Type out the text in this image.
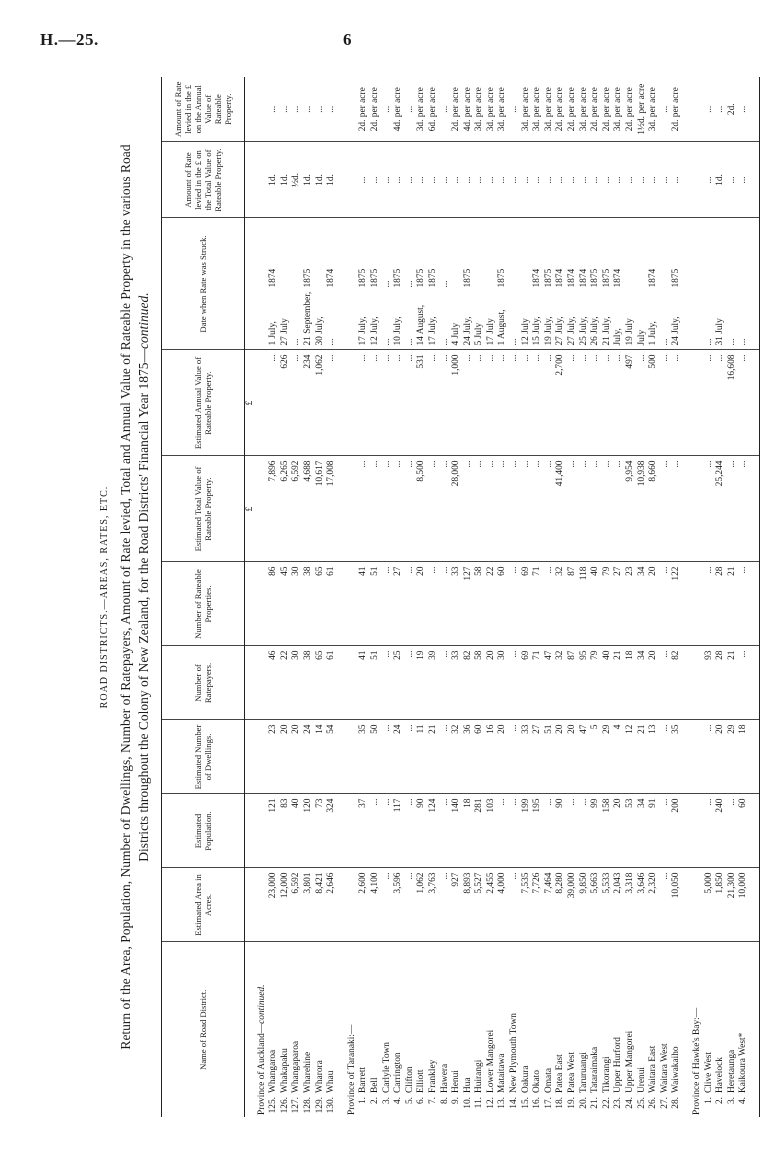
H.—25.	6
ROAD DISTRICTS.—AREAS, RATES, ETC. Return of the Area, Population, Number of Dwellings, Number of Ratepayers, Amount of Rate levied, Total and Annual Value of Rateable Property in the various Road Districts throughout the Colony of New Zealand, for the Road Districts' Financial Year 1875—continued.
Name of Road District.	Estimated Area in Acres.	Estimated Population.	Estimated Number of Dwellings.	Number of Ratepayers.	Number of Rateable Properties.	Estimated Total Value of Rateable Property.	Estimated Annual Value of Rateable Property.	Date when Rate was Struck.	Amount of Rate levied in the £ on the Total Value of Rateable Property.	Amount of Rate levied in the £ on the Annual Value of Rateable Property.
						£	£			
Province of Auckland—continued.										
125.Whangaroa	23,000	121	23	46	86	7,896	...	1 July,1874	1d.	...
126.Whakapaku	12,000	83	20	22	45	6,265	626	27 July	1d.	...
127.Whangaparoa	6,592	40	20	30	30	6,592	...	...	½d.	...
128.Wharehine	3,801	120	24	38	38	4,688	234	21 September,1875	1d.	...
129.Wharora	8,421	73	14	65	65	10,617	1,062	30 July,	1d.	...
130.Whau	2,646	324	54	61	61	17,008	...	...1874	1d.	...

Province of Taranaki:—										
1.Barrett	2,600	37	35	41	41	...	...	17 July,1875	...	2d. per acre
2.Bell	4,100	...	50	51	51	...	...	12 July,1875	...	2d. per acre
3.Carlyle Town	...	...	...	...	...	...	...	......	...	...
4.Carrington	3,596	117	24	25	27	...	...	10 July,1875	...	4d. per acre
5.Clifton	...	...	...	...	...	...	...	......	...	...
6.Elliott	1,062	90	11	19	20	8,500	531	14 August,1875	...	3d. per acre
7.Frankley	3,763	124	21	39	...	...	...	17 July,1875	...	6d. per acre
8.Hawera	...	...	...	...	...	...	...	......	...	...
9.Henui	927	140	32	33	33	28,000	1,000	4 July	...	2d. per acre
10.Hua	8,893	18	36	82	127	...	...	24 July,1875	...	4d. per acre
11.Huirangi	5,527	281	60	58	58	...	...	5 July	...	3d. per acre
12.Lower Mangorei	2,455	103	16	20	22	...	...	17 July	...	3d. per acre
13.Mataitawa	4,000	...	20	30	60	...	...	1 August,1875	...	3d. per acre
14.New Plymouth Town	...	...	...	...	...	...	...	...	...	...
15.Oakura	7,535	199	33	69	69	...	...	12 July	...	3d. per acre
16.Okato	7,726	195	27	71	71	...	...	15 July,1874	...	3d. per acre
17.Omata	7,464	...	51	47	...	...	...	19 July,1875	...	3d. per acre
18.Patea East	8,280	90	20	32	32	41,400	2,700	27 July,1874	...	2d. per acre
19.Patea West	39,000	...	20	87	87	...	...	27 July,1874	...	2d. per acre
20.Taruruangi	9,850	...	47	95	118	...	...	25 July,1874	...	3d. per acre
21.Tataraimaka	5,663	99	5	79	40	...	...	26 July,1875	...	2d. per acre
22.Tikorangi	5,533	158	29	40	79	...	...	21 July,1875	...	2d. per acre
23.Upper Hurford	2,043	20	4	21	27	...	...	July,1874	...	3d. per acre
24.Upper Mangorei	3,318	53	12	18	23	9,954	497	19 July	...	2d. per acre
25.Urenui	3,646	34	21	34	34	10,938	...	July	...	1½d. per acre
26.Waitara East	2,320	91	13	20	20	8,660	500	1 July,1874	...	3d. per acre
27.Waitara West	...	...	...	...	...	...	...	...	...	...
28.Waiwakaiho	10,050	200	35	82	122	...	...	24 July,1875	...	2d. per acre

Province of Hawke's Bay:—										
1.Clive West	5,000	...	...	93	...	...	...	...	...	...
2.Havelock	1,850	240	20	28	28	25,244	...	31 July	1d.	...
3.Heretaunga	21,300	...	29	21	21	...	16,608	...	...	2d.
4.Kaikoura West*	10,000	60	18	...	...	...	...	...	...	...
